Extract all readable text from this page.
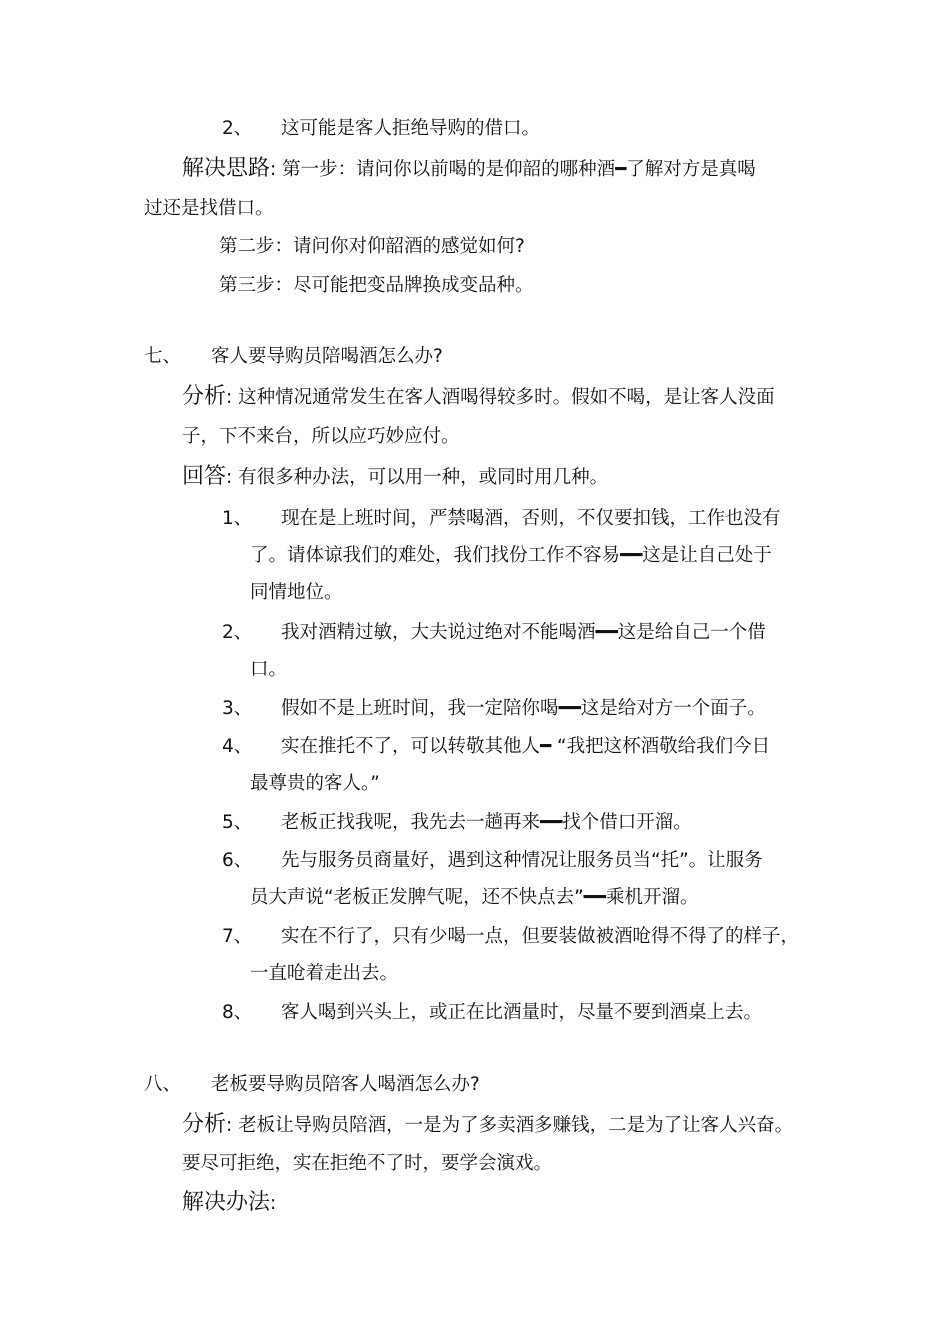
2、 这可能是客人拒绝导购的借口。
解决思路: 第一步：请问你以前喝的是仰韶的哪种酒━了解对方是真喝
过还是找借口。
第二步：请问你对仰韶酒的感觉如何?
第三步：尽可能把变品牌换成变品种。
七、 客人要导购员陪喝酒怎么办?
分析: 这种情况通常发生在客人酒喝得较多时。假如不喝，是让客人没面
子，下不来台，所以应巧妙应付。
回答: 有很多种办法，可以用一种，或同时用几种。
1、 现在是上班时间，严禁喝酒，否则，不仅要扣钱，工作也没有
了。请体谅我们的难处，我们找份工作不容易━━这是让自己处于
同情地位。
2、 我对酒精过敏，大夫说过绝对不能喝酒━━这是给自己一个借
口。
3、 假如不是上班时间，我一定陪你喝━━这是给对方一个面子。
4、 实在推托不了，可以转敬其他人━ “我把这杯酒敬给我们今日
最尊贵的客人。”
5、 老板正找我呢，我先去一趟再来━━找个借口开溜。
6、 先与服务员商量好，遇到这种情况让服务员当“托”。让服务
员大声说“老板正发脾气呢，还不快点去”━━乘机开溜。
7、 实在不行了，只有少喝一点，但要装做被酒呛得不得了的样子，
一直呛着走出去。
8、 客人喝到兴头上，或正在比酒量时，尽量不要到酒桌上去。
八、 老板要导购员陪客人喝酒怎么办?
分析: 老板让导购员陪酒，一是为了多卖酒多赚钱，二是为了让客人兴奋。
要尽可拒绝，实在拒绝不了时，要学会演戏。
解决办法:
